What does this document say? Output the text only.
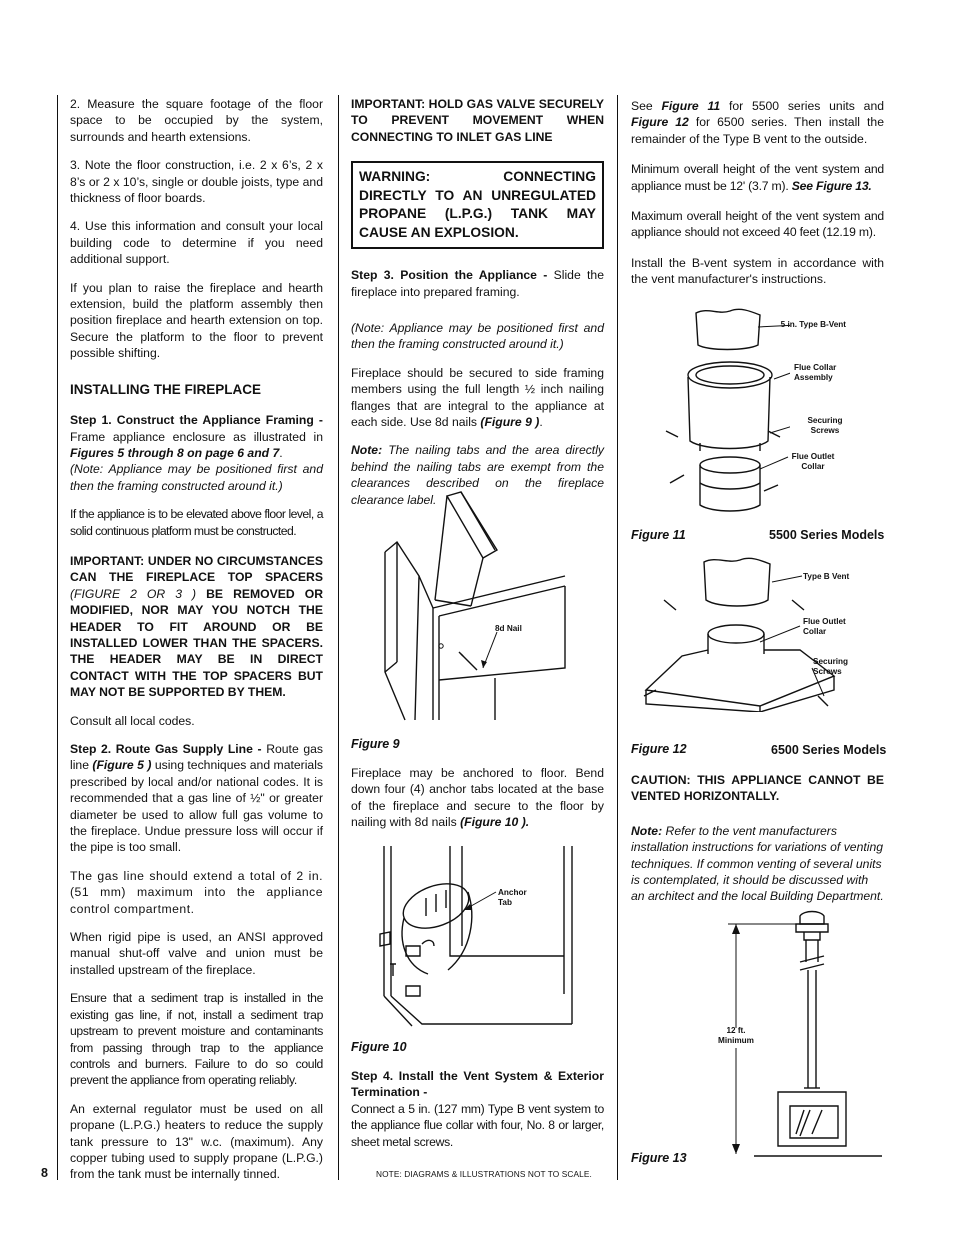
8

2. Measure the square footage of the floor space to be occupied by the system, surrounds and hearth extensions.

3. Note the floor construction, i.e. 2 x 6’s, 2 x 8’s or 2 x 10’s, single or double joists, type and thickness of floor boards.

4. Use this information and consult your local building code to determine if you need additional support.

If you plan to raise the fireplace and hearth extension, build the platform assembly then position fireplace and hearth extension on top. Secure the platform to the floor to prevent possible shifting.

INSTALLING THE FIREPLACE

Step 1. Construct the Appliance Framing - Frame appliance enclosure as illustrated in Figures 5 through 8 on page 6 and 7.
(Note: Appliance may be positioned first and then the framing constructed around it.)

If the appliance is to be elevated above floor level, a solid continuous platform must be constructed.

IMPORTANT: UNDER NO CIRCUMSTANCES CAN THE FIREPLACE TOP SPACERS (FIGURE 2 OR 3 ) BE REMOVED OR MODIFIED, NOR MAY YOU NOTCH THE HEADER TO FIT AROUND OR BE INSTALLED LOWER THAN THE SPACERS. THE HEADER MAY BE IN DIRECT CONTACT WITH THE TOP SPACERS BUT MAY NOT BE SUPPORTED BY THEM.

Consult all local codes.

Step 2. Route Gas Supply Line - Route gas line (Figure 5 ) using techniques and materials prescribed by local and/or national codes. It is recommended that a gas line of ½" or greater diameter be used to allow full gas volume to the fireplace. Undue pressure loss will occur if the pipe is too small.

The gas line should extend a total of 2 in. (51 mm) maximum into the appliance control compartment.

When rigid pipe is used, an ANSI approved manual shut-off valve and union must be installed upstream of the fireplace.

Ensure that a sediment trap is installed in the existing gas line, if not, install a sediment trap upstream to prevent moisture and contaminants from passing through trap to the appliance controls and burners. Failure to do so could prevent the appliance from operating reliably.

An external regulator must be used on all propane (L.P.G.) heaters to reduce the supply tank pressure to 13" w.c. (maximum). Any copper tubing used to supply propane (L.P.G.) from the tank must be internally tinned.

IMPORTANT: HOLD GAS VALVE SECURELY TO PREVENT MOVEMENT WHEN CONNECTING TO INLET GAS LINE

WARNING: CONNECTING DIRECTLY TO AN UNREGULATED PROPANE (L.P.G.) TANK MAY CAUSE AN EXPLOSION.

Step 3. Position the Appliance - Slide the fireplace into prepared framing.

(Note: Appliance may be positioned first and then the framing constructed around it.)

Fireplace should be secured to side framing members using the full length ½ inch nailing flanges that are integral to the appliance at each side. Use 8d nails (Figure 9 ).

Note: The nailing tabs and the area directly behind the nailing tabs are exempt from the clearances described on the fireplace clearance label.

8d Nail
Figure 9

Fireplace may be anchored to floor. Bend down four (4) anchor tabs located at the base of the fireplace and secure to the floor by nailing with 8d nails (Figure 10 ).

Anchor Tab
Figure 10

Step 4. Install the Vent System & Exterior Termination -
Connect a 5 in. (127 mm) Type B vent system to the appliance flue collar with four, No. 8 or larger, sheet metal screws.

NOTE: DIAGRAMS & ILLUSTRATIONS NOT TO SCALE.

See Figure 11 for 5500 series units and Figure 12 for 6500 series. Then install the remainder of the Type B vent to the outside.

Minimum overall height of the vent system and appliance must be 12' (3.7 m). See Figure 13.

Maximum overall height of the vent system and appliance should not exceed 40 feet (12.19 m).

Install the B-vent system in accordance with the vent manufacturer's instructions.

5 in. Type B-Vent
Flue Collar Assembly
Securing Screws
Flue Outlet Collar
Figure 11	5500 Series Models
Type B Vent
Flue Outlet Collar
Securing Screws
Figure 12	6500 Series Models

CAUTION: THIS APPLIANCE CANNOT BE VENTED HORIZONTALLY.

Note: Refer to the vent manufacturers installation instructions for variations of venting techniques. If common venting of several units is contemplated, it should be discussed with an architect and the local Building Department.

12 ft. Minimum
Figure 13
